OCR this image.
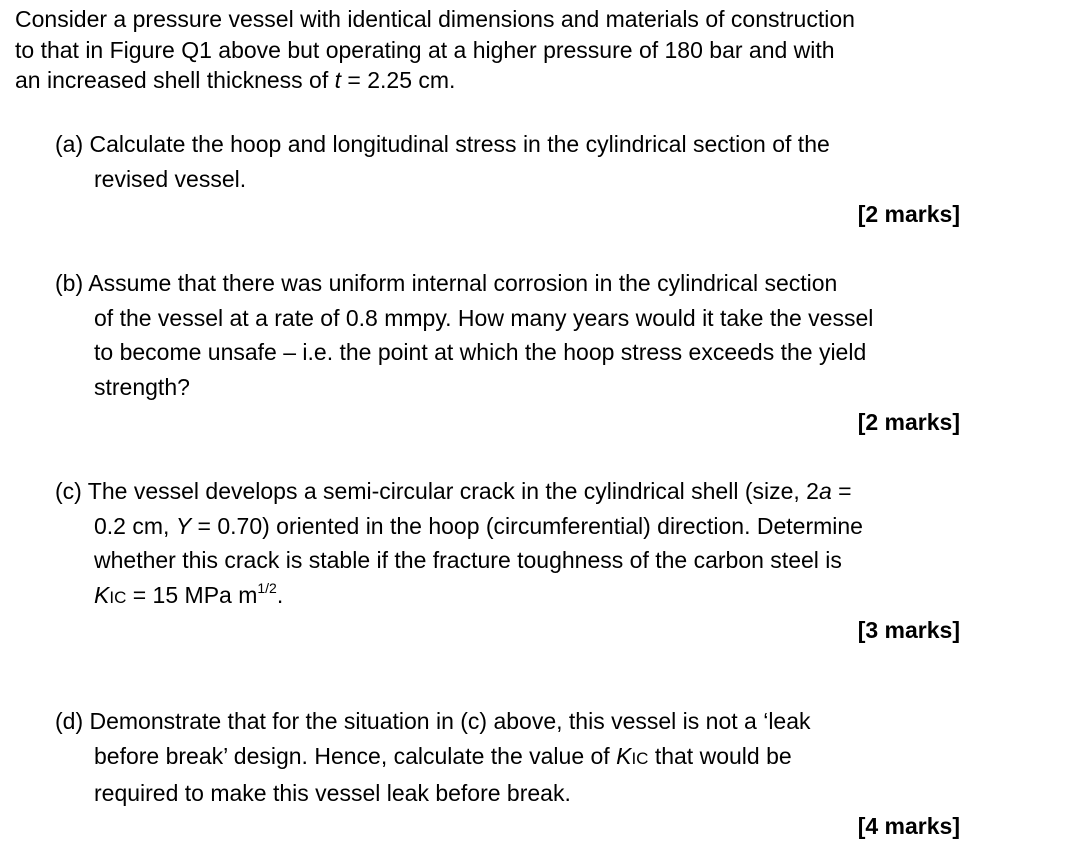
Consider a pressure vessel with identical dimensions and materials of construction
to that in Figure Q1 above but operating at a higher pressure of 180 bar and with
an increased shell thickness of t = 2.25 cm.

(a) Calculate the hoop and longitudinal stress in the cylindrical section of the
revised vessel.

[2 marks]

(b) Assume that there was uniform internal corrosion in the cylindrical section
of the vessel at a rate of 0.8 mmpy. How many years would it take the vessel
to become unsafe – i.e. the point at which the hoop stress exceeds the yield
strength?

[2 marks]

(c) The vessel develops a semi-circular crack in the cylindrical shell (size, 2a =
0.2 cm, Y = 0.70) oriented in the hoop (circumferential) direction. Determine
whether this crack is stable if the fracture toughness of the carbon steel is
KIC = 15 MPa $m^{1/2}$.

[3 marks]

(d) Demonstrate that for the situation in (c) above, this vessel is not a ‘leak
before break’ design. Hence, calculate the value of KIC that would be
required to make this vessel leak before break.

[4 marks]
